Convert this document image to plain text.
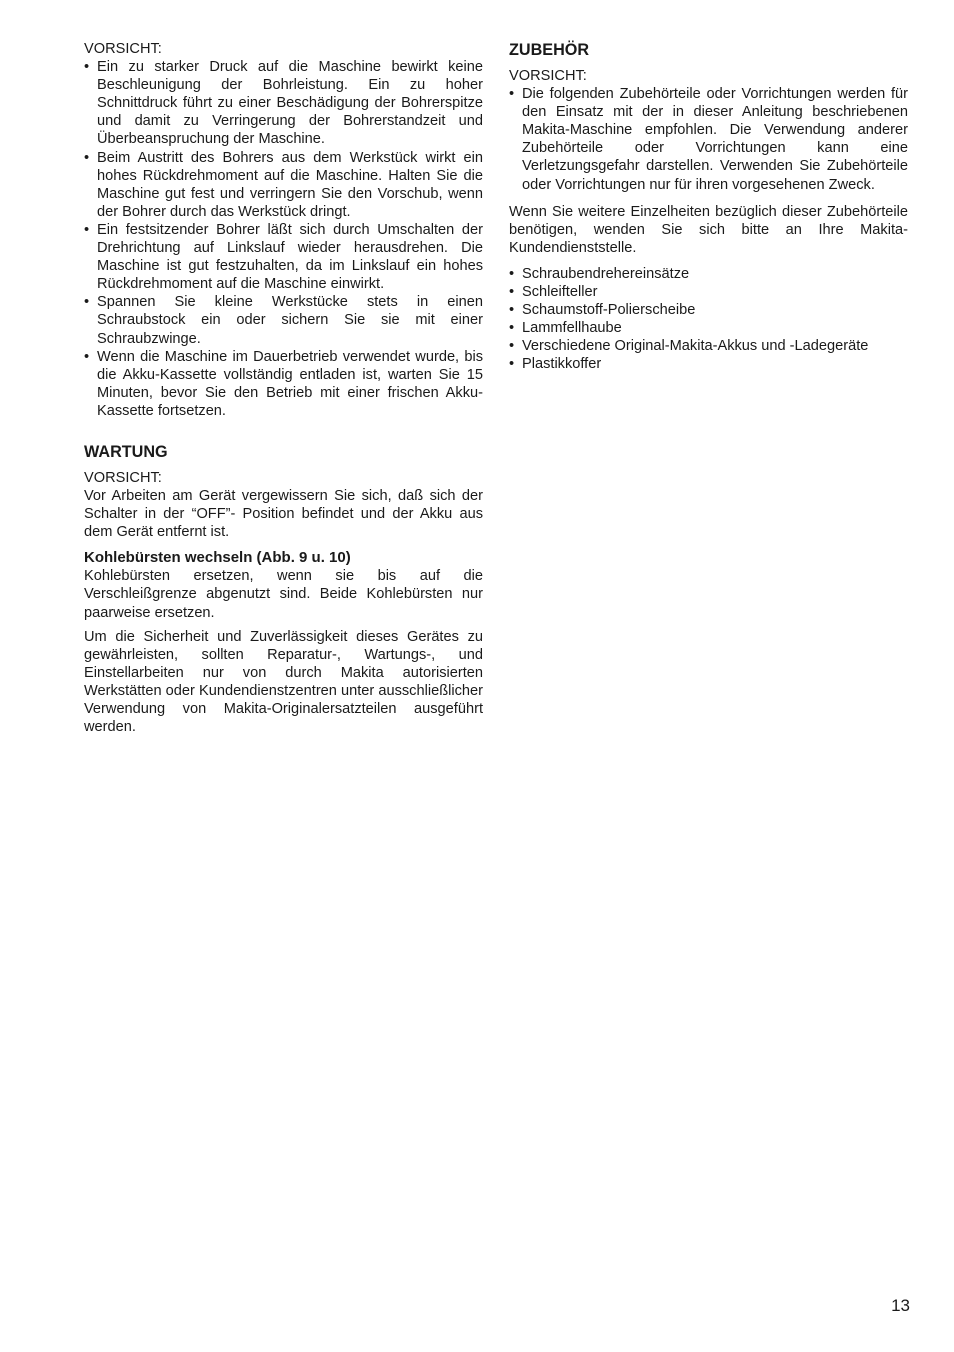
VORSICHT:

• Ein zu starker Druck auf die Maschine bewirkt keine Beschleunigung der Bohrleistung. Ein zu hoher Schnittdruck führt zu einer Beschädigung der Bohrerspitze und damit zu Verringerung der Bohrerstandzeit und Überbeanspruchung der Maschine.
• Beim Austritt des Bohrers aus dem Werkstück wirkt ein hohes Rückdrehmoment auf die Maschine. Halten Sie die Maschine gut fest und verringern Sie den Vorschub, wenn der Bohrer durch das Werkstück dringt.
• Ein festsitzender Bohrer läßt sich durch Umschalten der Drehrichtung auf Linkslauf wieder herausdrehen. Die Maschine ist gut festzuhalten, da im Linkslauf ein hohes Rückdrehmoment auf die Maschine einwirkt.
• Spannen Sie kleine Werkstücke stets in einen Schraubstock ein oder sichern Sie sie mit einer Schraubzwinge.
• Wenn die Maschine im Dauerbetrieb verwendet wurde, bis die Akku-Kassette vollständig entladen ist, warten Sie 15 Minuten, bevor Sie den Betrieb mit einer frischen Akku-Kassette fortsetzen.
WARTUNG

VORSICHT:

Vor Arbeiten am Gerät vergewissern Sie sich, daß sich der Schalter in der “OFF”- Position befindet und der Akku aus dem Gerät entfernt ist.

Kohlebürsten wechseln (Abb. 9 u. 10)

Kohlebürsten ersetzen, wenn sie bis auf die Verschleißgrenze abgenutzt sind. Beide Kohlebürsten nur paarweise ersetzen.

Um die Sicherheit und Zuverlässigkeit dieses Gerätes zu gewährleisten, sollten Reparatur-, Wartungs-, und Einstellarbeiten nur von durch Makita autorisierten Werkstätten oder Kundendienstzentren unter ausschließlicher Verwendung von Makita-Originalersatzteilen ausgeführt werden.

ZUBEHÖR

VORSICHT:

• Die folgenden Zubehörteile oder Vorrichtungen werden für den Einsatz mit der in dieser Anleitung beschriebenen Makita-Maschine empfohlen. Die Verwendung anderer Zubehörteile oder Vorrichtungen kann eine Verletzungsgefahr darstellen. Verwenden Sie Zubehörteile oder Vorrichtungen nur für ihren vorgesehenen Zweck.

Wenn Sie weitere Einzelheiten bezüglich dieser Zubehörteile benötigen, wenden Sie sich bitte an Ihre Makita-Kundendienststelle.

• Schraubendrehereinsätze
• Schleifteller
• Schaumstoff-Polierscheibe
• Lammfellhaube
• Verschiedene Original-Makita-Akkus und -Ladegeräte
• Plastikkoffer
13
